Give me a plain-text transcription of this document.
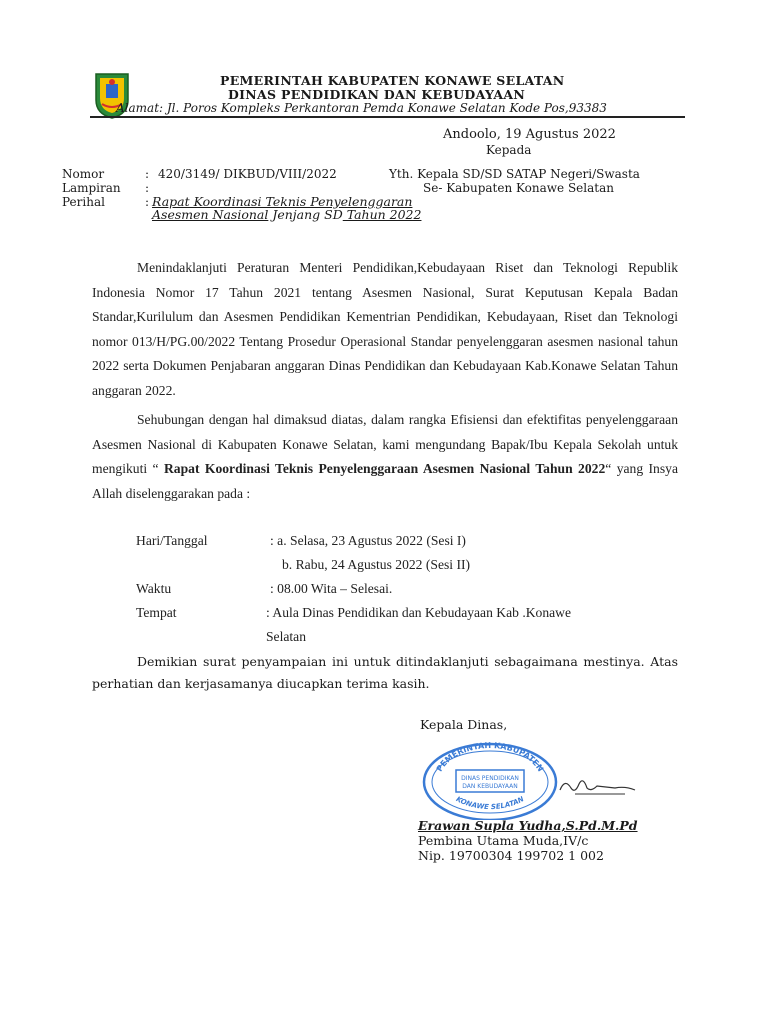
PEMERINTAH KABUPATEN KONAWE SELATAN
DINAS PENDIDIKAN DAN KEBUDAYAAN
Alamat: Jl. Poros Kompleks Perkantoran Pemda Konawe Selatan Kode Pos,93383
Andoolo, 19 Agustus 2022
Kepada
Nomor	: 420/3149/ DIKBUD/VIII/2022	Yth. Kepala SD/SD SATAP Negeri/Swasta
Lampiran :	Se- Kabupaten Konawe Selatan
Perihal	: Rapat Koordinasi Teknis Penyelenggaran
Asesmen Nasional Jenjang SD Tahun 2022
Menindaklanjuti Peraturan Menteri Pendidikan,Kebudayaan Riset dan Teknologi Republik Indonesia Nomor 17 Tahun 2021 tentang Asesmen Nasional, Surat Keputusan Kepala Badan Standar,Kurilulum dan Asesmen Pendidikan Kementrian Pendidikan, Kebudayaan, Riset dan Teknologi nomor 013/H/PG.00/2022 Tentang Prosedur Operasional Standar penyelenggaran asesmen nasional tahun 2022 serta Dokumen Penjabaran anggaran Dinas Pendidikan dan Kebudayaan Kab.Konawe Selatan Tahun anggaran 2022.
Sehubungan dengan hal dimaksud diatas, dalam rangka Efisiensi dan efektifitas penyelenggaraan Asesmen Nasional di Kabupaten Konawe Selatan, kami mengundang Bapak/Ibu Kepala Sekolah untuk mengikuti “ Rapat Koordinasi Teknis Penyelenggaraan Asesmen Nasional Tahun 2022“ yang Insya Allah diselenggarakan pada :
Hari/Tanggal	: a. Selasa, 23 Agustus 2022 (Sesi I)
b. Rabu, 24 Agustus 2022 (Sesi II)
Waktu	: 08.00 Wita – Selesai.
Tempat	: Aula Dinas Pendidikan dan Kebudayaan Kab .Konawe
Selatan
Demikian surat penyampaian ini untuk ditindaklanjuti sebagaimana mestinya. Atas perhatian dan kerjasamanya diucapkan terima kasih.
Kepala Dinas,
PEMERINTAH KABUPATEN
DINAS PENDIDIKAN
DAN KEBUDAYAAN
KONAWE SELATAN
Erawan Supla Yudha,S.Pd.M.Pd
Pembina Utama Muda,IV/c
Nip. 19700304 199702 1 002
